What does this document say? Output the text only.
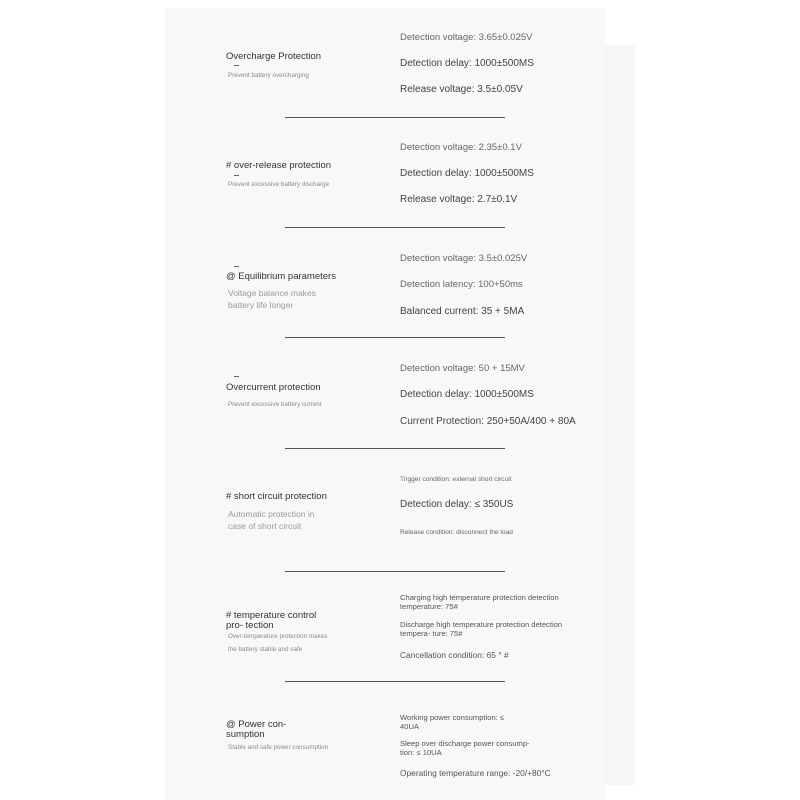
Overcharge Protection
Prevent battery overcharging
Detection voltage: 3.65±0.025V
Detection delay: 1000±500MS
Release voltage: 3.5±0.05V
# over-release protection
Prevent excessive battery discharge
Detection voltage: 2.35±0.1V
Detection delay: 1000±500MS
Release voltage: 2.7±0.1V
@ Equilibrium parameters
Voltage balance makes battery life longer
Detection voltage: 3.5±0.025V
Detection latency: 100+50ms
Balanced current: 35 + 5MA
Overcurrent protection
Prevent excessive battery current
Detection voltage: 50 + 15MV
Detection delay: 1000±500MS
Current Protection: 250+50A/400 + 80A
# short circuit protection
Automatic protection in case of short circuit
Trigger condition: external short circuit
Detection delay: ≤ 350US
Release condition: disconnect the load
# temperature control pro- tection
Over-temperature protection makes the battery stable and safe
Charging high temperature protection detection temperature: 75#
Discharge high temperature protection detection tempera- ture: 75#
Cancellation condition: 65 ° #
@ Power con- sumption
Stable and safe power consumption
Working power consumption: ≤ 40UA
Sleep over discharge power consump- tion: ≤ 10UA
Operating temperature range: -20/+80°C
